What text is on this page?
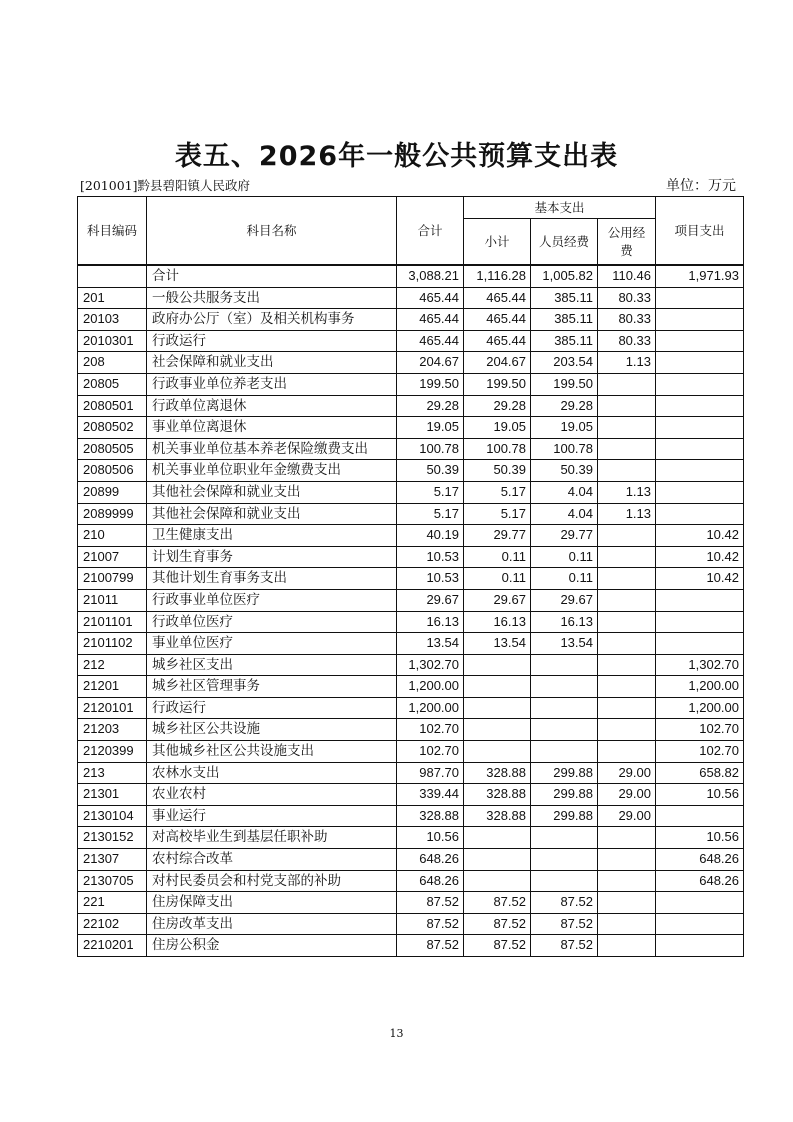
表五、2026年一般公共预算支出表
[201001]黔县碧阳镇人民政府	单位：万元
科目编码	科目名称	合计	基本支出			项目支出
			小计	人员经费	公用经费	
	合计	3,088.21	1,116.28	1,005.82	110.46	1,971.93
201	一般公共服务支出	465.44	465.44	385.11	80.33	
20103	政府办公厅（室）及相关机构事务	465.44	465.44	385.11	80.33	
2010301	行政运行	465.44	465.44	385.11	80.33	
208	社会保障和就业支出	204.67	204.67	203.54	1.13	
20805	行政事业单位养老支出	199.50	199.50	199.50		
2080501	行政单位离退休	29.28	29.28	29.28		
2080502	事业单位离退休	19.05	19.05	19.05		
2080505	机关事业单位基本养老保险缴费支出	100.78	100.78	100.78		
2080506	机关事业单位职业年金缴费支出	50.39	50.39	50.39		
20899	其他社会保障和就业支出	5.17	5.17	4.04	1.13	
2089999	其他社会保障和就业支出	5.17	5.17	4.04	1.13	
210	卫生健康支出	40.19	29.77	29.77		10.42
21007	计划生育事务	10.53	0.11	0.11		10.42
2100799	其他计划生育事务支出	10.53	0.11	0.11		10.42
21011	行政事业单位医疗	29.67	29.67	29.67		
2101101	行政单位医疗	16.13	16.13	16.13		
2101102	事业单位医疗	13.54	13.54	13.54		
212	城乡社区支出	1,302.70				1,302.70
21201	城乡社区管理事务	1,200.00				1,200.00
2120101	行政运行	1,200.00				1,200.00
21203	城乡社区公共设施	102.70				102.70
2120399	其他城乡社区公共设施支出	102.70				102.70
213	农林水支出	987.70	328.88	299.88	29.00	658.82
21301	农业农村	339.44	328.88	299.88	29.00	10.56
2130104	事业运行	328.88	328.88	299.88	29.00	
2130152	对高校毕业生到基层任职补助	10.56				10.56
21307	农村综合改革	648.26				648.26
2130705	对村民委员会和村党支部的补助	648.26				648.26
221	住房保障支出	87.52	87.52	87.52		
22102	住房改革支出	87.52	87.52	87.52		
2210201	住房公积金	87.52	87.52	87.52		
13
